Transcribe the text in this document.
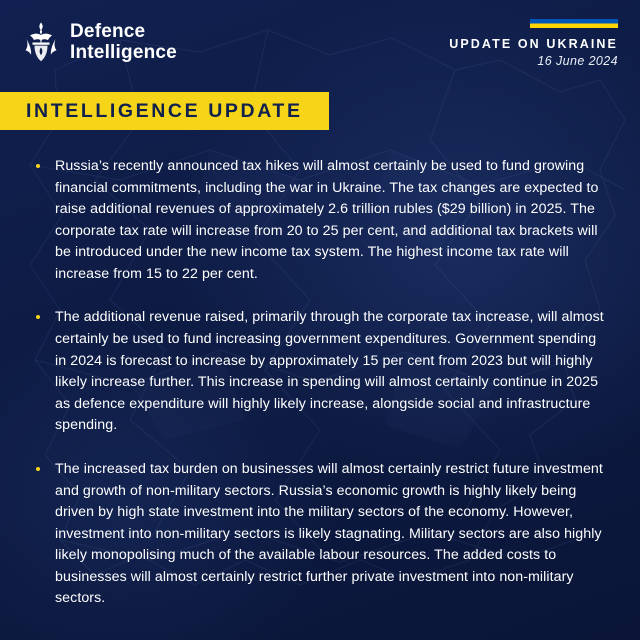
Defence
Intelligence	UPDATE ON UKRAINE
16 June 2024
INTELLIGENCE UPDATE
Russia’s recently announced tax hikes will almost certainly be used to fund growing financial commitments, including the war in Ukraine. The tax changes are expected to raise additional revenues of approximately 2.6 trillion rubles ($29 billion) in 2025. The corporate tax rate will increase from 20 to 25 per cent, and additional tax brackets will be introduced under the new income tax system. The highest income tax rate will increase from 15 to 22 per cent.
The additional revenue raised, primarily through the corporate tax increase, will almost certainly be used to fund increasing government expenditures. Government spending in 2024 is forecast to increase by approximately 15 per cent from 2023 but will highly likely increase further. This increase in spending will almost certainly continue in 2025 as defence expenditure will highly likely increase, alongside social and infrastructure spending.
The increased tax burden on businesses will almost certainly restrict future investment and growth of non-military sectors. Russia’s economic growth is highly likely being driven by high state investment into the military sectors of the economy. However, investment into non-military sectors is likely stagnating. Military sectors are also highly likely monopolising much of the available labour resources. The added costs to businesses will almost certainly restrict further private investment into non-military sectors.
